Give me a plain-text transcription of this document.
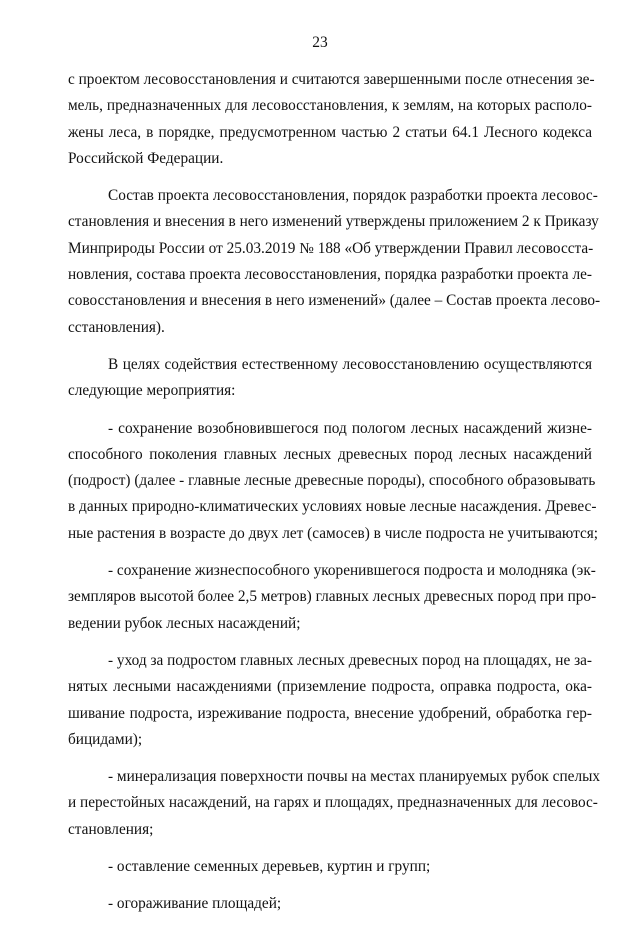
23
с проектом лесовосстановления и считаются завершенными после отнесения зе-
мель, предназначенных для лесовосстановления, к землям, на которых располо-
жены леса, в порядке, предусмотренном частью 2 статьи 64.1 Лесного кодекса
Российской Федерации.
Состав проекта лесовосстановления, порядок разработки проекта лесовос-
становления и внесения в него изменений утверждены приложением 2 к Приказу
Минприроды России от 25.03.2019 № 188 «Об утверждении Правил лесовосста-
новления, состава проекта лесовосстановления, порядка разработки проекта ле-
совосстановления и внесения в него изменений» (далее – Состав проекта лесово-
сстановления).
В целях содействия естественному лесовосстановлению осуществляются
следующие мероприятия:
- сохранение возобновившегося под пологом лесных насаждений жизне-
способного поколения главных лесных древесных пород лесных насаждений
(подрост) (далее - главные лесные древесные породы), способного образовывать
в данных природно-климатических условиях новые лесные насаждения. Древес-
ные растения в возрасте до двух лет (самосев) в числе подроста не учитываются;
- сохранение жизнеспособного укоренившегося подроста и молодняка (эк-
земпляров высотой более 2,5 метров) главных лесных древесных пород при про-
ведении рубок лесных насаждений;
- уход за подростом главных лесных древесных пород на площадях, не за-
нятых лесными насаждениями (приземление подроста, оправка подроста, ока-
шивание подроста, изреживание подроста, внесение удобрений, обработка гер-
бицидами);
- минерализация поверхности почвы на местах планируемых рубок спелых
и перестойных насаждений, на гарях и площадях, предназначенных для лесовос-
становления;
- оставление семенных деревьев, куртин и групп;
- огораживание площадей;
